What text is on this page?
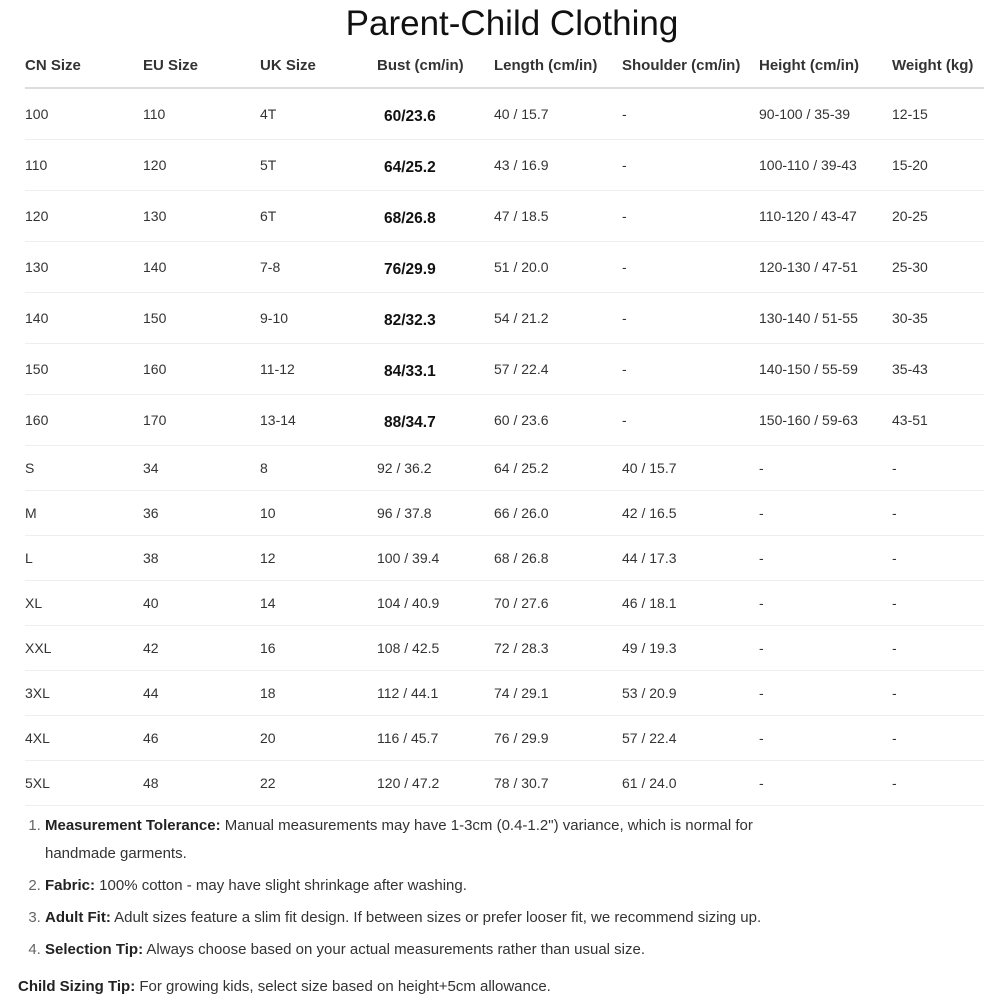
Parent-Child Clothing
CN Size	EU Size	UK Size	Bust (cm/in)	Length (cm/in)	Shoulder (cm/in)	Height (cm/in)	Weight (kg)
100	110	4T	60/23.6	40 / 15.7	-	90-100 / 35-39	12-15
110	120	5T	64/25.2	43 / 16.9	-	100-110 / 39-43	15-20
120	130	6T	68/26.8	47 / 18.5	-	110-120 / 43-47	20-25
130	140	7-8	76/29.9	51 / 20.0	-	120-130 / 47-51	25-30
140	150	9-10	82/32.3	54 / 21.2	-	130-140 / 51-55	30-35
150	160	11-12	84/33.1	57 / 22.4	-	140-150 / 55-59	35-43
160	170	13-14	88/34.7	60 / 23.6	-	150-160 / 59-63	43-51
S	34	8	92 / 36.2	64 / 25.2	40 / 15.7	-	-
M	36	10	96 / 37.8	66 / 26.0	42 / 16.5	-	-
L	38	12	100 / 39.4	68 / 26.8	44 / 17.3	-	-
XL	40	14	104 / 40.9	70 / 27.6	46 / 18.1	-	-
XXL	42	16	108 / 42.5	72 / 28.3	49 / 19.3	-	-
3XL	44	18	112 / 44.1	74 / 29.1	53 / 20.9	-	-
4XL	46	20	116 / 45.7	76 / 29.9	57 / 22.4	-	-
5XL	48	22	120 / 47.2	78 / 30.7	61 / 24.0	-	-
1. Measurement Tolerance: Manual measurements may have 1-3cm (0.4-1.2") variance, which is normal for handmade garments.
2. Fabric: 100% cotton - may have slight shrinkage after washing.
3. Adult Fit: Adult sizes feature a slim fit design. If between sizes or prefer looser fit, we recommend sizing up.
4. Selection Tip: Always choose based on your actual measurements rather than usual size.
Child Sizing Tip: For growing kids, select size based on height+5cm allowance.
